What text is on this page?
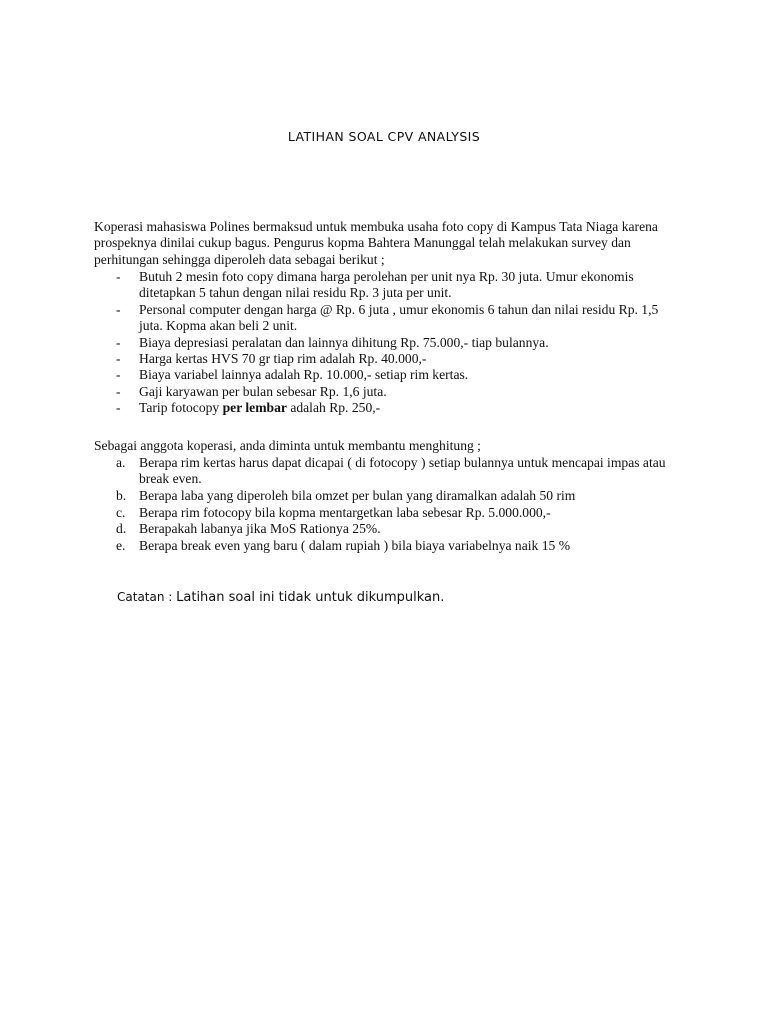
LATIHAN SOAL CPV ANALYSIS
Koperasi mahasiswa Polines bermaksud untuk membuka usaha foto copy di Kampus Tata Niaga karena prospeknya dinilai cukup bagus. Pengurus kopma Bahtera Manunggal telah melakukan survey dan perhitungan sehingga diperoleh data sebagai berikut ;
- Butuh 2 mesin foto copy dimana harga perolehan per unit nya Rp. 30 juta. Umur ekonomis ditetapkan 5 tahun dengan nilai residu Rp. 3 juta per unit.
- Personal computer dengan harga @ Rp. 6 juta , umur ekonomis 6 tahun dan nilai residu Rp. 1,5 juta. Kopma akan beli 2 unit.
- Biaya depresiasi peralatan dan lainnya dihitung Rp. 75.000,- tiap bulannya.
- Harga kertas HVS 70 gr tiap rim adalah Rp. 40.000,-
- Biaya variabel lainnya adalah Rp. 10.000,- setiap rim kertas.
- Gaji karyawan per bulan sebesar Rp. 1,6 juta.
- Tarip fotocopy per lembar adalah Rp. 250,-
Sebagai anggota koperasi, anda diminta untuk membantu menghitung ;
a. Berapa rim kertas harus dapat dicapai ( di fotocopy ) setiap bulannya untuk mencapai impas atau break even.
b. Berapa laba yang diperoleh bila omzet per bulan yang diramalkan adalah 50 rim
c. Berapa rim fotocopy bila kopma mentargetkan laba sebesar Rp. 5.000.000,-
d. Berapakah labanya jika MoS Rationya 25%.
e. Berapa break even yang baru ( dalam rupiah ) bila biaya variabelnya naik 15 %
Catatan : Latihan soal ini tidak untuk dikumpulkan.
